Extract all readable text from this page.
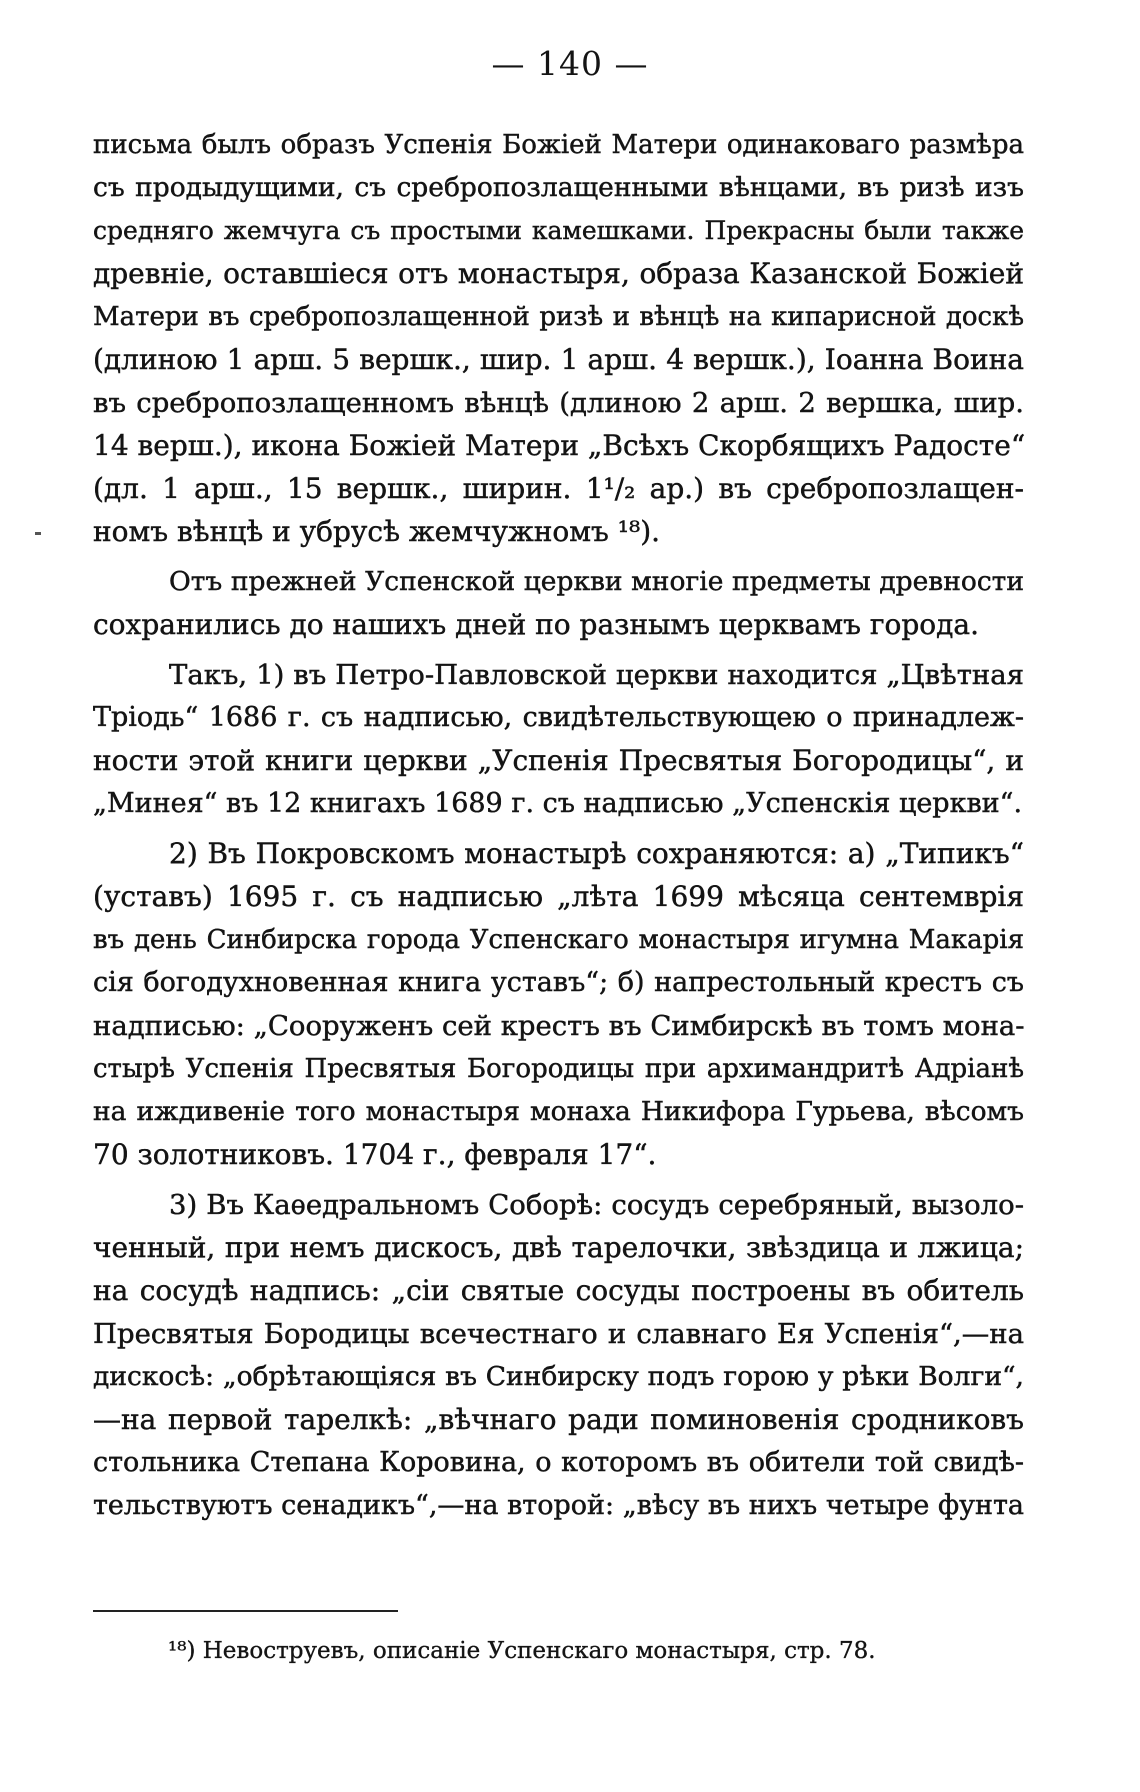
— 140 —
письма былъ образъ Успенія Божіей Матери одинаковаго размѣра
съ продыдущими, съ сребропозлащенными вѣнцами, въ ризѣ изъ
средняго жемчуга съ простыми камешками. Прекрасны были также
древніе, оставшіеся отъ монастыря, образа Казанской Божіей
Матери въ сребропозлащенной ризѣ и вѣнцѣ на кипарисной доскѣ
(длиною 1 арш. 5 вершк., шир. 1 арш. 4 вершк.), Іоанна Воина
въ сребропозлащенномъ вѣнцѣ (длиною 2 арш. 2 вершка, шир.
14 верш.), икона Божіей Матери „Всѣхъ Скорбящихъ Радосте“
(дл. 1 арш., 15 вершк., ширин. 1¹/₂ ар.) въ сребропозлащен-
номъ вѣнцѣ и убрусѣ жемчужномъ ¹⁸).
Отъ прежней Успенской церкви многіе предметы древности
сохранились до нашихъ дней по разнымъ церквамъ города.
Такъ, 1) въ Петро-Павловской церкви находится „Цвѣтная
Тріодь“ 1686 г. съ надписью, свидѣтельствующею о принадлеж-
ности этой книги церкви „Успенія Пресвятыя Богородицы“, и
„Минея“ въ 12 книгахъ 1689 г. съ надписью „Успенскія церкви“.
2) Въ Покровскомъ монастырѣ сохраняются: а) „Типикъ“
(уставъ) 1695 г. съ надписью „лѣта 1699 мѣсяца сентемврія
въ день Синбирска города Успенскаго монастыря игумна Макарія
сія богодухновенная книга уставъ“; б) напрестольный крестъ съ
надписью: „Сооруженъ сей крестъ въ Симбирскѣ въ томъ мона-
стырѣ Успенія Пресвятыя Богородицы при архимандритѣ Адріанѣ
на иждивеніе того монастыря монаха Никифора Гурьева, вѣсомъ
70 золотниковъ. 1704 г., февраля 17“.
3) Въ Каѳедральномъ Соборѣ: сосудъ серебряный, вызоло-
ченный, при немъ дискосъ, двѣ тарелочки, звѣздица и лжица;
на сосудѣ надпись: „сіи святые сосуды построены въ обитель
Пресвятыя Бородицы всечестнаго и славнаго Ея Успенія“,—на
дискосѣ: „обрѣтающіяся въ Синбирску подъ горою у рѣки Волги“,
—на первой тарелкѣ: „вѣчнаго ради поминовенія сродниковъ
стольника Степана Коровина, о которомъ въ обители той свидѣ-
тельствуютъ сенадикъ“,—на второй: „вѣсу въ нихъ четыре фунта
¹⁸) Невоструевъ, описаніе Успенскаго монастыря, стр. 78.
